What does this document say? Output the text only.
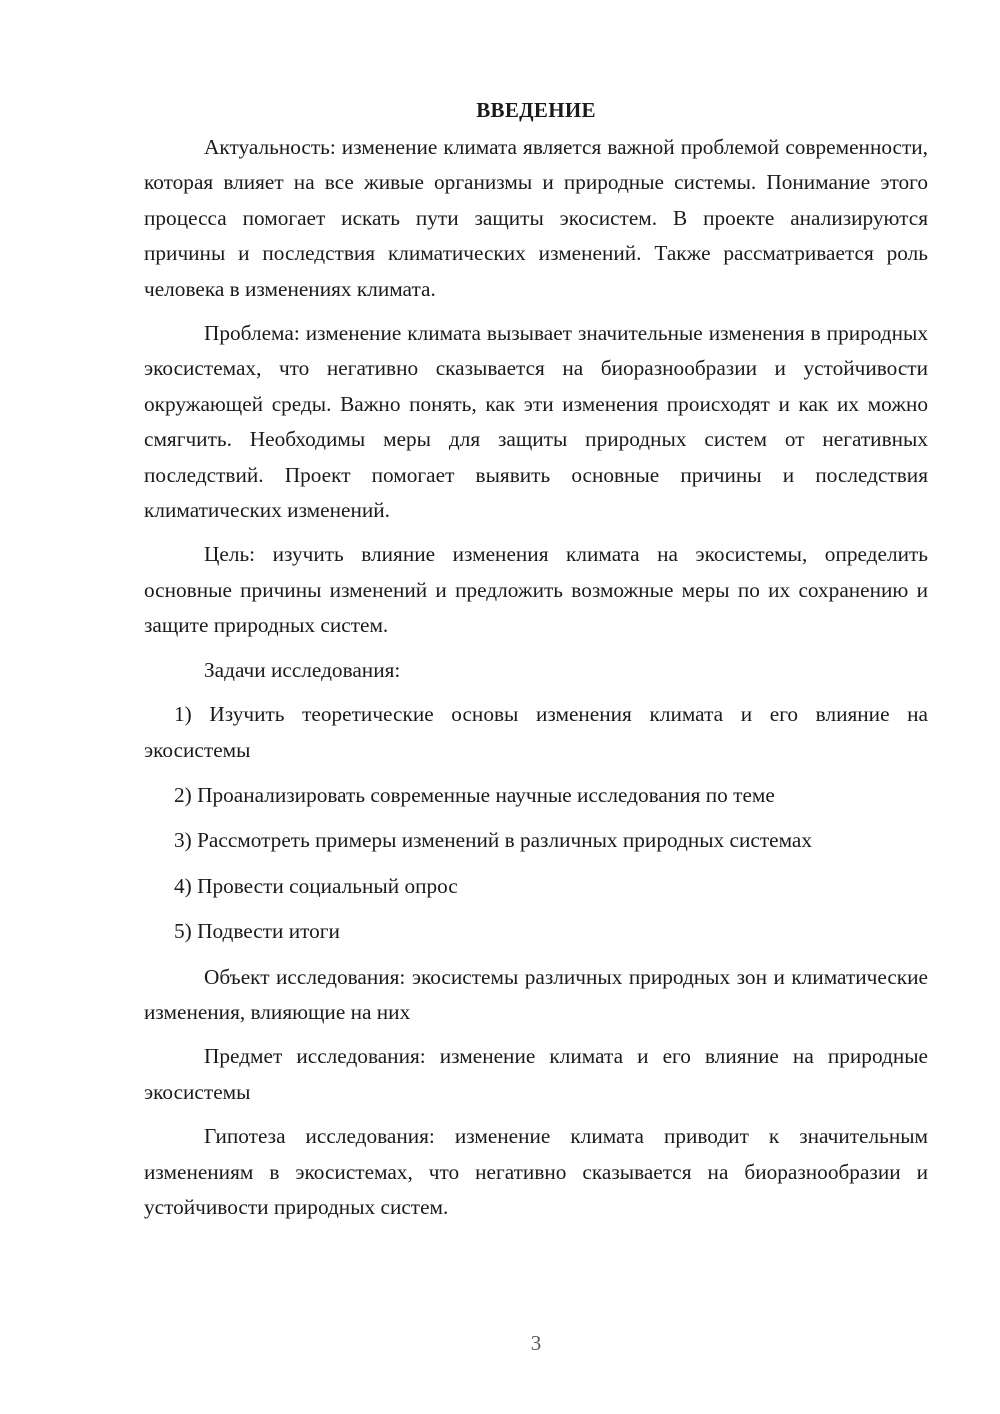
ВВЕДЕНИЕ

Актуальность: изменение климата является важной проблемой современности, которая влияет на все живые организмы и природные системы. Понимание этого процесса помогает искать пути защиты экосистем. В проекте анализируются причины и последствия климатических изменений. Также рассматривается роль человека в изменениях климата.

Проблема: изменение климата вызывает значительные изменения в природных экосистемах, что негативно сказывается на биоразнообразии и устойчивости окружающей среды. Важно понять, как эти изменения происходят и как их можно смягчить. Необходимы меры для защиты природных систем от негативных последствий. Проект помогает выявить основные причины и последствия климатических изменений.

Цель: изучить влияние изменения климата на экосистемы, определить основные причины изменений и предложить возможные меры по их сохранению и защите природных систем.

Задачи исследования:

1) Изучить теоретические основы изменения климата и его влияние на экосистемы

2) Проанализировать современные научные исследования по теме

3) Рассмотреть примеры изменений в различных природных системах

4) Провести социальный опрос

5) Подвести итоги

Объект исследования: экосистемы различных природных зон и климатические изменения, влияющие на них

Предмет исследования: изменение климата и его влияние на природные экосистемы

Гипотеза исследования: изменение климата приводит к значительным изменениям в экосистемах, что негативно сказывается на биоразнообразии и устойчивости природных систем.

3
